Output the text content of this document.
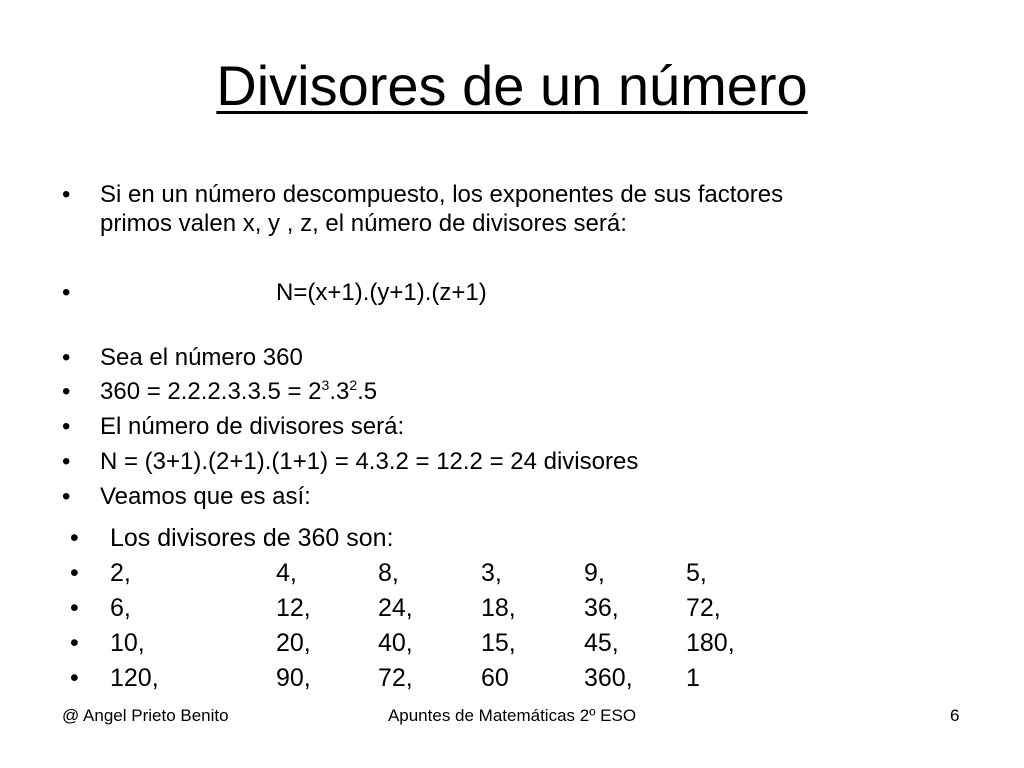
Divisores de un número
• Si en un número descompuesto, los exponentes de sus factores
primos valen x, y , z, el número de divisores será:
•	N=(x+1).(y+1).(z+1)
• Sea el número 360
• $360 = 2.2.2.3.3.5 = 2^3.3^2.5$
• El número de divisores será:
• N = (3+1).(2+1).(1+1) = 4.3.2 = 12.2 = 24 divisores
• Veamos que es así:
• Los divisores de 360 son:
• 2,	4,	8,	3,	9,	5,
• 6,	12,	24,	18,	36,	72,
• 10,	20,	40,	15,	45,	180,
• 120,	90,	72,	60	360, 1
@ Angel Prieto Benito	Apuntes de Matemáticas 2º ESO	6
